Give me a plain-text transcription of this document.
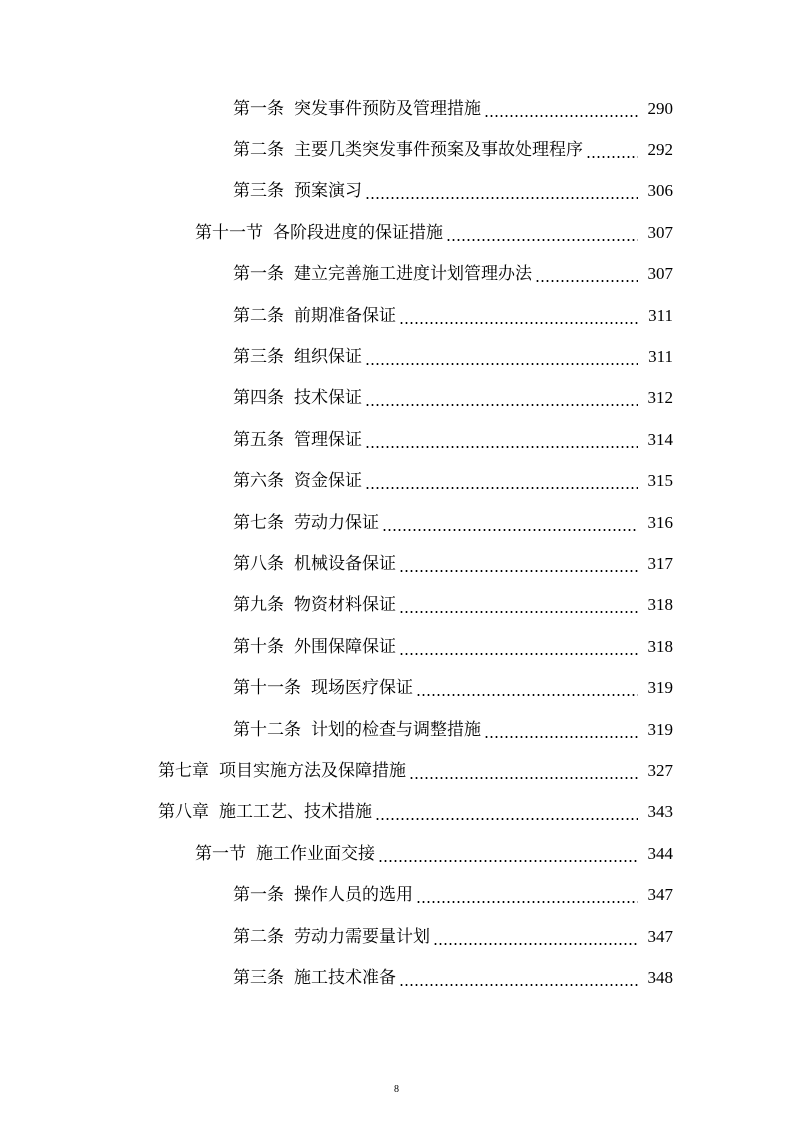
第一条 突发事件预防及管理措施	290
第二条 主要几类突发事件预案及事故处理程序	292
第三条 预案演习	306
第十一节 各阶段进度的保证措施	307
第一条 建立完善施工进度计划管理办法	307
第二条 前期准备保证	311
第三条 组织保证	311
第四条 技术保证	312
第五条 管理保证	314
第六条 资金保证	315
第七条 劳动力保证	316
第八条 机械设备保证	317
第九条 物资材料保证	318
第十条 外围保障保证	318
第十一条 现场医疗保证	319
第十二条 计划的检查与调整措施	319
第七章 项目实施方法及保障措施	327
第八章 施工工艺、技术措施	343
第一节 施工作业面交接	344
第一条 操作人员的选用	347
第二条 劳动力需要量计划	347
第三条 施工技术准备	348
8
